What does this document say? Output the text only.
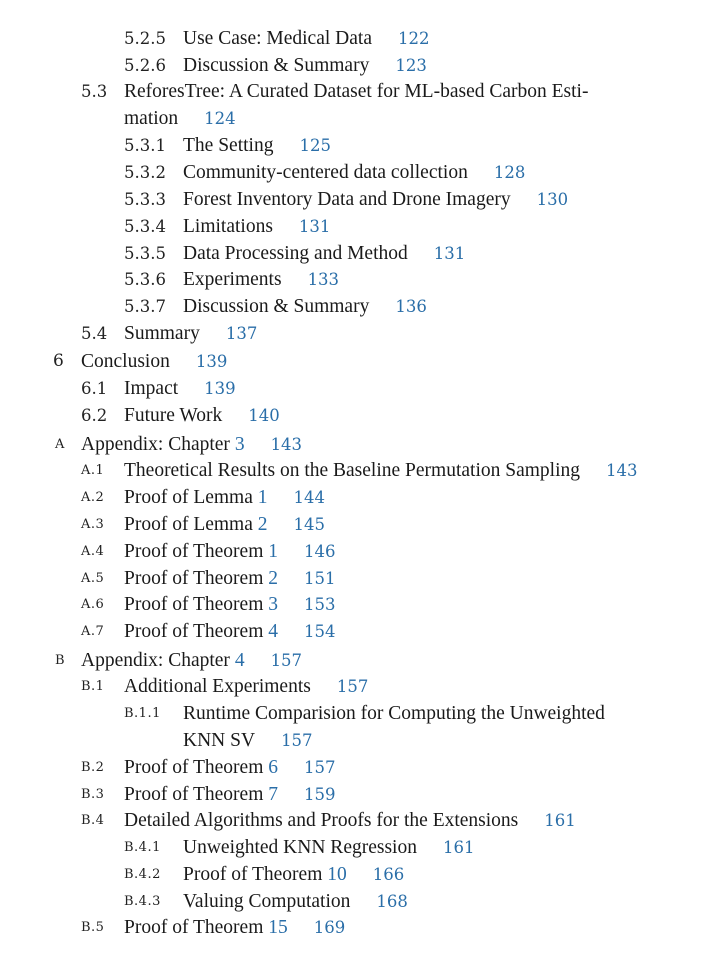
5.2.5 Use Case: Medical Data 122
5.2.6 Discussion & Summary 123
5.3 ReforesTree: A Curated Dataset for ML-based Carbon Esti-
mation 124
5.3.1 The Setting 125
5.3.2 Community-centered data collection 128
5.3.3 Forest Inventory Data and Drone Imagery 130
5.3.4 Limitations 131
5.3.5 Data Processing and Method 131
5.3.6 Experiments 133
5.3.7 Discussion & Summary 136
5.4 Summary 137
6 Conclusion 139
6.1 Impact 139
6.2 Future Work 140
A Appendix: Chapter 3 143
A.1 Theoretical Results on the Baseline Permutation Sampling 143
A.2 Proof of Lemma 1 144
A.3 Proof of Lemma 2 145
A.4 Proof of Theorem 1 146
A.5 Proof of Theorem 2 151
A.6 Proof of Theorem 3 153
A.7 Proof of Theorem 4 154
B Appendix: Chapter 4 157
B.1 Additional Experiments 157
B.1.1 Runtime Comparision for Computing the Unweighted
KNN SV 157
B.2 Proof of Theorem 6 157
B.3 Proof of Theorem 7 159
B.4 Detailed Algorithms and Proofs for the Extensions 161
B.4.1 Unweighted KNN Regression 161
B.4.2 Proof of Theorem 10 166
B.4.3 Valuing Computation 168
B.5 Proof of Theorem 15 169
